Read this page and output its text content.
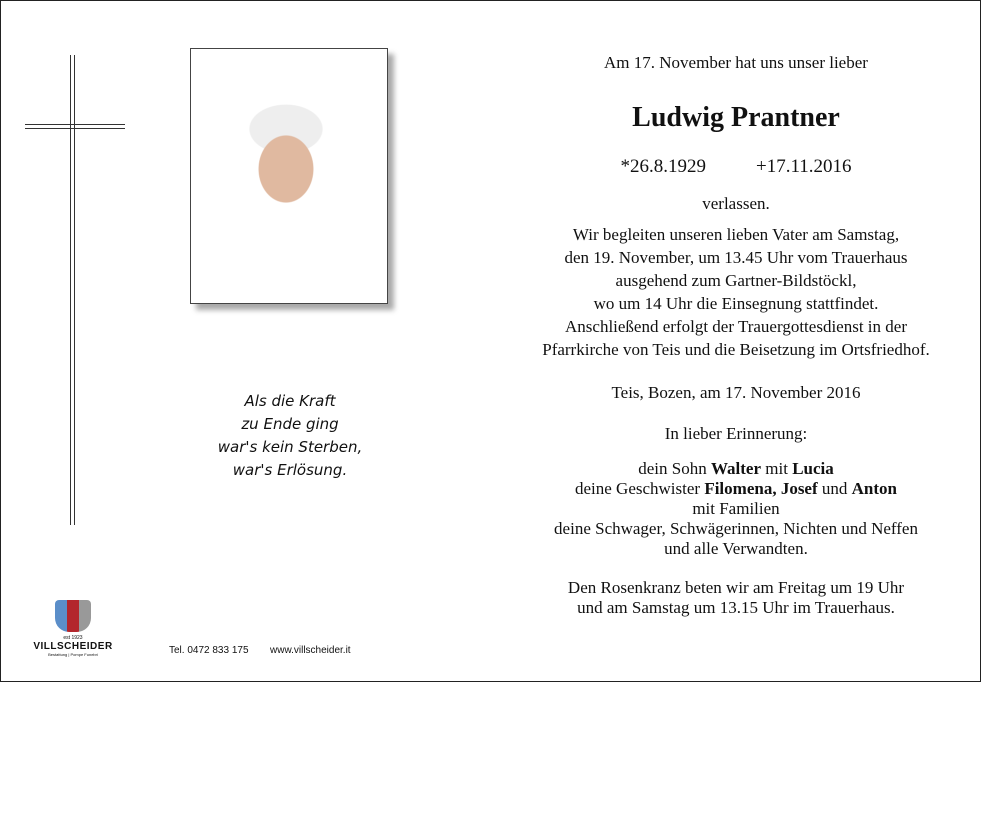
Als die Kraft
zu Ende ging
war's kein Sterben,
war's Erlösung.
Am 17. November hat uns unser lieber
Ludwig Prantner
*26.8.1929	+17.11.2016
verlassen.
Wir begleiten unseren lieben Vater am Samstag,
den 19. November, um 13.45 Uhr vom Trauerhaus
ausgehend zum Gartner-Bildstöckl,
wo um 14 Uhr die Einsegnung stattfindet.
Anschließend erfolgt der Trauergottesdienst in der
Pfarrkirche von Teis und die Beisetzung im Ortsfriedhof.
Teis, Bozen, am 17. November 2016
In lieber Erinnerung:
dein Sohn Walter mit Lucia
deine Geschwister Filomena, Josef und Anton
mit Familien
deine Schwager, Schwägerinnen, Nichten und Neffen
und alle Verwandten.
Den Rosenkranz beten wir am Freitag um 19 Uhr
und am Samstag um 13.15 Uhr im Trauerhaus.
est 1923
VILLSCHEIDER
Bestattung | Pompe Funebri	Tel. 0472 833 175 www.villscheider.it
